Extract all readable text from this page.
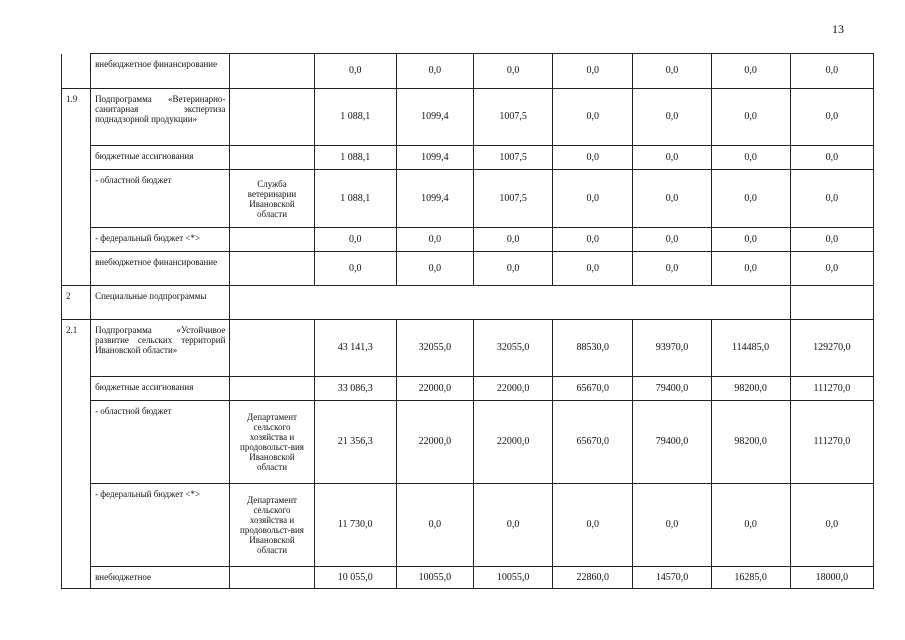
13
	внебюджетное финансирование		0,0	0,0	0,0	0,0	0,0	0,0	0,0
1.9	Подпрограмма «Ветеринарно-санитарная экспертиза поднадзорной продукции»		1 088,1	1099,4	1007,5	0,0	0,0	0,0	0,0
	бюджетные ассигнования		1 088,1	1099,4	1007,5	0,0	0,0	0,0	0,0
	- областной бюджет	Служба ветеринарии Ивановской области	1 088,1	1099,4	1007,5	0,0	0,0	0,0	0,0
	- федеральный бюджет <*>		0,0	0,0	0,0	0,0	0,0	0,0	0,0
	внебюджетное финансирование		0,0	0,0	0,0	0,0	0,0	0,0	0,0
2	Специальные подпрограммы								
2.1	Подпрограмма «Устойчивое развитие сельских территорий Ивановской области»		43 141,3	32055,0	32055,0	88530,0	93970,0	114485,0	129270,0
	бюджетные ассигнования		33 086,3	22000,0	22000,0	65670,0	79400,0	98200,0	111270,0
	- областной бюджет	Департамент сельского хозяйства и продовольст-вия Ивановской области	21 356,3	22000,0	22000,0	65670,0	79400,0	98200,0	111270,0
	- федеральный бюджет <*>	Департамент сельского хозяйства и продовольст-вия Ивановской области	11 730,0	0,0	0,0	0,0	0,0	0,0	0,0
	внебюджетное		10 055,0	10055,0	10055,0	22860,0	14570,0	16285,0	18000,0
